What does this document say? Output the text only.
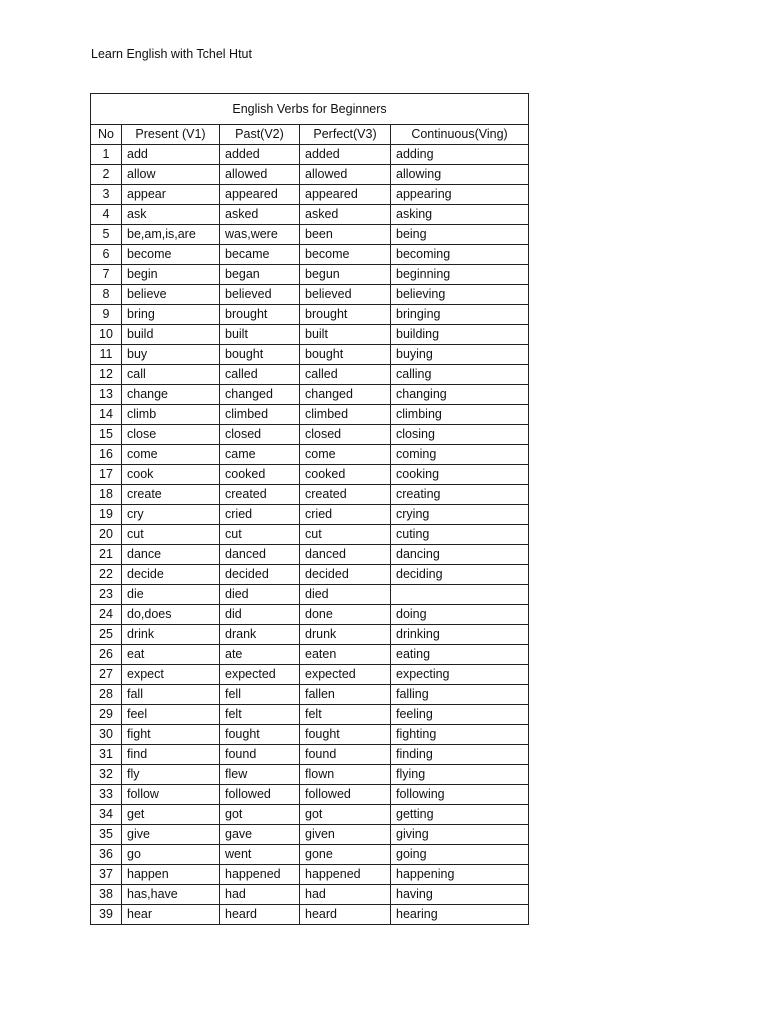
Learn English with Tchel Htut
English Verbs for Beginners				
No	Present (V1)	Past(V2)	Perfect(V3)	Continuous(Ving)
1	add	added	added	adding
2	allow	allowed	allowed	allowing
3	appear	appeared	appeared	appearing
4	ask	asked	asked	asking
5	be,am,is,are	was,were	been	being
6	become	became	become	becoming
7	begin	began	begun	beginning
8	believe	believed	believed	believing
9	bring	brought	brought	bringing
10	build	built	built	building
11	buy	bought	bought	buying
12	call	called	called	calling
13	change	changed	changed	changing
14	climb	climbed	climbed	climbing
15	close	closed	closed	closing
16	come	came	come	coming
17	cook	cooked	cooked	cooking
18	create	created	created	creating
19	cry	cried	cried	crying
20	cut	cut	cut	cuting
21	dance	danced	danced	dancing
22	decide	decided	decided	deciding
23	die	died	died	
24	do,does	did	done	doing
25	drink	drank	drunk	drinking
26	eat	ate	eaten	eating
27	expect	expected	expected	expecting
28	fall	fell	fallen	falling
29	feel	felt	felt	feeling
30	fight	fought	fought	fighting
31	find	found	found	finding
32	fly	flew	flown	flying
33	follow	followed	followed	following
34	get	got	got	getting
35	give	gave	given	giving
36	go	went	gone	going
37	happen	happened	happened	happening
38	has,have	had	had	having
39	hear	heard	heard	hearing
